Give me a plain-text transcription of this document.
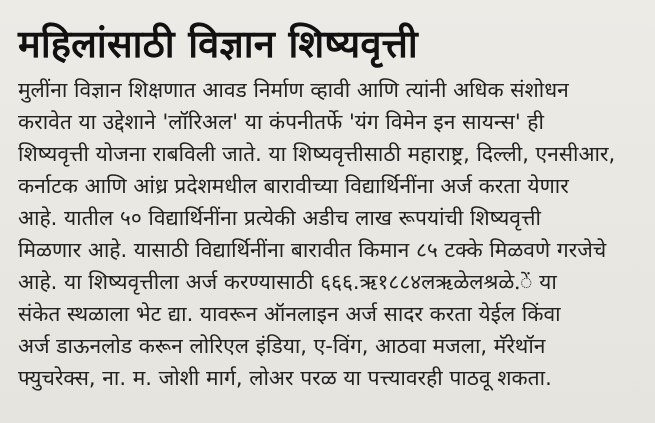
महिलांसाठी विज्ञान शिष्यवृत्ती
मुलींना विज्ञान शिक्षणात आवड निर्माण व्हावी आणि त्यांनी अधिक संशोधन
करावेत या उद्देशाने 'लॉरिअल' या कंपनीतर्फे 'यंग विमेन इन सायन्स' ही
शिष्यवृत्ती योजना राबविली जाते. या शिष्यवृत्तीसाठी महाराष्ट्र, दिल्ली, एनसीआर,
कर्नाटक आणि आंध्र प्रदेशमधील बारावीच्या विद्यार्थिनींना अर्ज करता येणार
आहे. यातील ५० विद्यार्थिनींना प्रत्येकी अडीच लाख रूपयांची शिष्यवृत्ती
मिळणार आहे. यासाठी विद्यार्थिनींना बारावीत किमान ८५ टक्के मिळवणे गरजेचे
आहे. या शिष्यवृत्तीला अर्ज करण्यासाठी ६६६.ऋ१८८४लऋळेलश्रळे.ें या
संकेत स्थळाला भेट द्या. यावरून ऑनलाइन अर्ज सादर करता येईल किंवा
अर्ज डाऊनलोड करून लोरिएल इंडिया, ए-विंग, आठवा मजला, मॅरेथॉन
फ्युचरेक्स, ना. म. जोशी मार्ग, लोअर परळ या पत्त्यावरही पाठवू शकता.
